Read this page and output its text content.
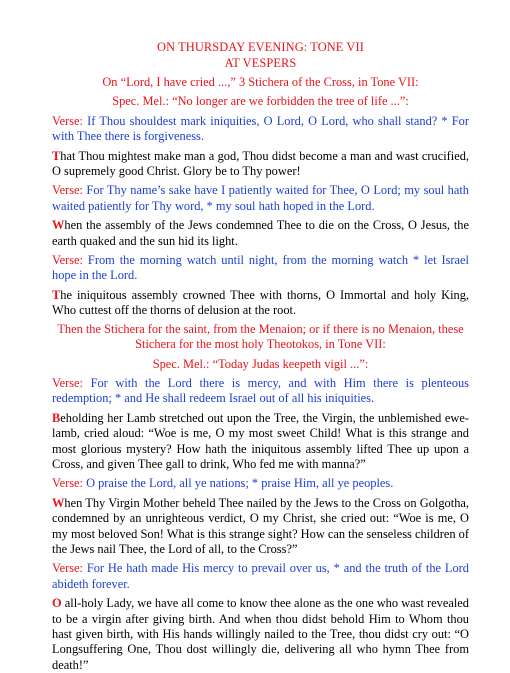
ON THURSDAY EVENING: TONE VII

AT VESPERS

On “Lord, I have cried ...,” 3 Stichera of the Cross, in Tone VII:

Spec. Mel.: “No longer are we forbidden the tree of life ...”:

Verse: If Thou shouldest mark iniquities, O Lord, O Lord, who shall stand? * For with Thee there is forgiveness.

That Thou mightest make man a god, Thou didst become a man and wast crucified, O supremely good Christ. Glory be to Thy power!

Verse: For Thy name’s sake have I patiently waited for Thee, O Lord; my soul hath waited patiently for Thy word, * my soul hath hoped in the Lord.

When the assembly of the Jews condemned Thee to die on the Cross, O Jesus, the earth quaked and the sun hid its light.

Verse: From the morning watch until night, from the morning watch * let Israel hope in the Lord.

The iniquitous assembly crowned Thee with thorns, O Immortal and holy King, Who cuttest off the thorns of delusion at the root.

Then the Stichera for the saint, from the Menaion; or if there is no Menaion, these Stichera for the most holy Theotokos, in Tone VII:

Spec. Mel.: “Today Judas keepeth vigil ...”:

Verse: For with the Lord there is mercy, and with Him there is plenteous redemption; * and He shall redeem Israel out of all his iniquities.

Beholding her Lamb stretched out upon the Tree, the Virgin, the unblemished ewe-lamb, cried aloud: “Woe is me, O my most sweet Child! What is this strange and most glorious mystery? How hath the iniquitous assembly lifted Thee up upon a Cross, and given Thee gall to drink, Who fed me with manna?”

Verse: O praise the Lord, all ye nations; * praise Him, all ye peoples.

When Thy Virgin Mother beheld Thee nailed by the Jews to the Cross on Golgotha, condemned by an unrighteous verdict, O my Christ, she cried out: “Woe is me, O my most beloved Son! What is this strange sight? How can the senseless children of the Jews nail Thee, the Lord of all, to the Cross?”

Verse: For He hath made His mercy to prevail over us, * and the truth of the Lord abideth forever.

O all-holy Lady, we have all come to know thee alone as the one who wast revealed to be a virgin after giving birth. And when thou didst behold Him to Whom thou hast given birth, with His hands willingly nailed to the Tree, thou didst cry out: “O Longsuffering One, Thou dost willingly die, delivering all who hymn Thee from death!”
